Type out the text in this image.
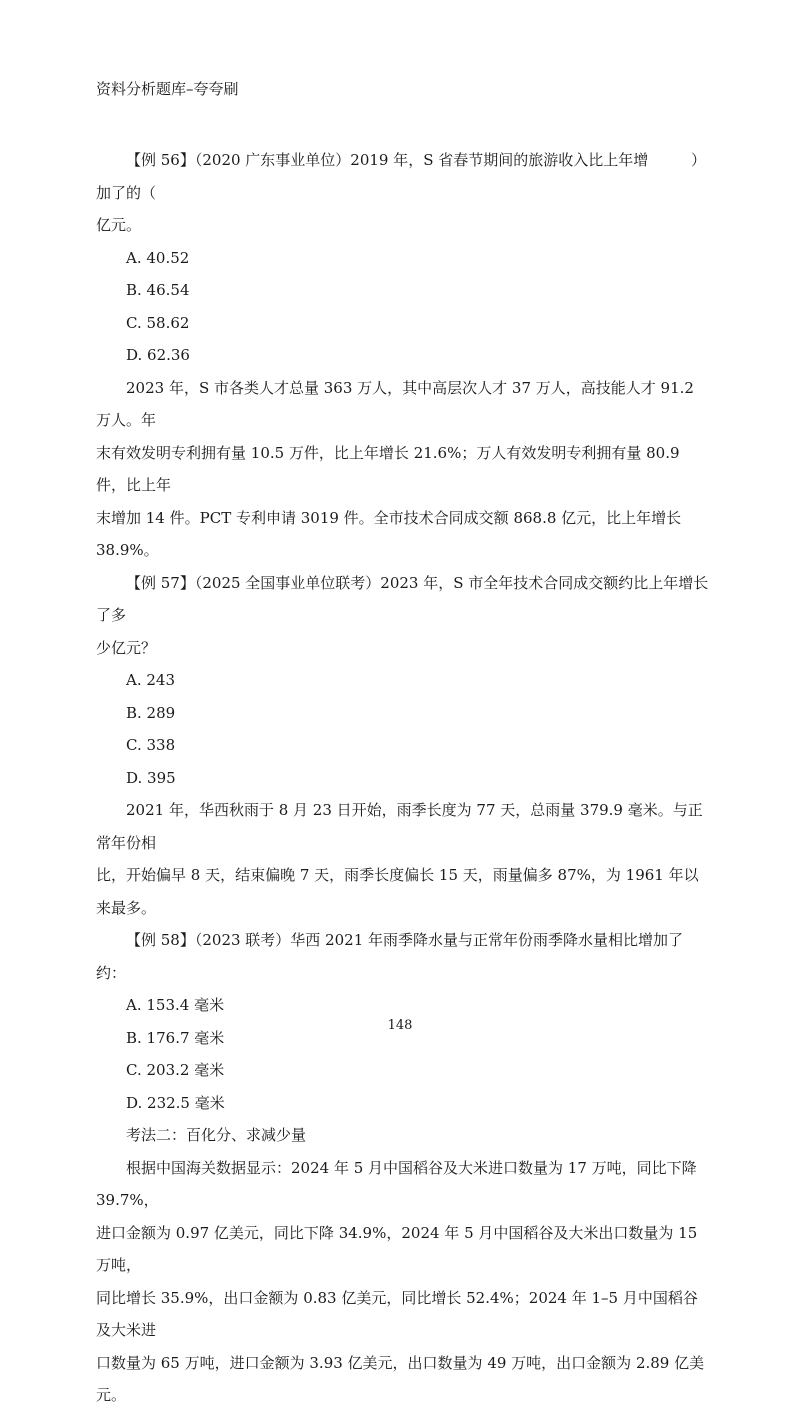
资料分析题库–夸夸刷
【例 56】（2020 广东事业单位）2019 年，S 省春节期间的旅游收入比上年增加了的（
）
亿元。
A. 40.52
B. 46.54
C. 58.62
D. 62.36
2023 年，S 市各类人才总量 363 万人，其中高层次人才 37 万人，高技能人才 91.2 万人。年
末有效发明专利拥有量 10.5 万件，比上年增长 21.6%；万人有效发明专利拥有量 80.9 件，比上年
末增加 14 件。PCT 专利申请 3019 件。全市技术合同成交额 868.8 亿元，比上年增长 38.9%。
【例 57】（2025 全国事业单位联考）2023 年，S 市全年技术合同成交额约比上年增长了多
少亿元？
A. 243
B. 289
C. 338
D. 395
2021 年，华西秋雨于 8 月 23 日开始，雨季长度为 77 天，总雨量 379.9 毫米。与正常年份相
比，开始偏早 8 天，结束偏晚 7 天，雨季长度偏长 15 天，雨量偏多 87%，为 1961 年以来最多。
【例 58】（2023 联考）华西 2021 年雨季降水量与正常年份雨季降水量相比增加了约：
A. 153.4 毫米
B. 176.7 毫米
C. 203.2 毫米
D. 232.5 毫米
考法二：百化分、求减少量
根据中国海关数据显示：2024 年 5 月中国稻谷及大米进口数量为 17 万吨，同比下降 39.7%，
进口金额为 0.97 亿美元，同比下降 34.9%，2024 年 5 月中国稻谷及大米出口数量为 15 万吨，
同比增长 35.9%，出口金额为 0.83 亿美元，同比增长 52.4%；2024 年 1–5 月中国稻谷及大米进
口数量为 65 万吨，进口金额为 3.93 亿美元，出口数量为 49 万吨，出口金额为 2.89 亿美元。
148
